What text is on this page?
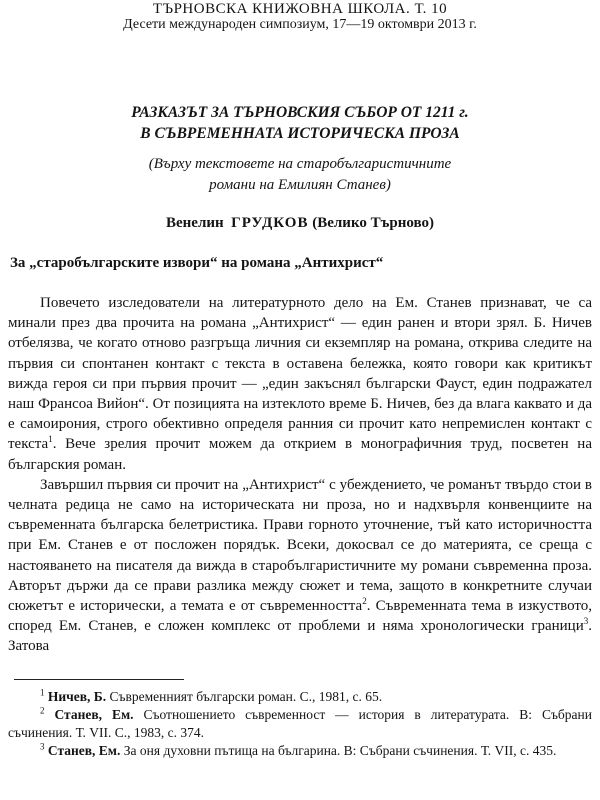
ТЪРНОВСКА КНИЖОВНА ШКОЛА. Т. 10
Десети международен симпозиум, 17—19 октомври 2013 г.
РАЗКАЗЪТ ЗА ТЪРНОВСКИЯ СЪБОР ОТ 1211 г.
В СЪВРЕМЕННАТА ИСТОРИЧЕСКА ПРОЗА
(Върху текстовете на старобългаристичните
романи на Емилиян Станев)
Венелин ГРУДКОВ (Велико Търново)
За „старобългарските извори“ на романа „Антихрист“

Повечето изследователи на литературното дело на Ем. Станев признават, че са минали през два прочита на романа „Антихрист“ — един ранен и втори зрял. Б. Ничев отбелязва, че когато отново разгръща личния си екземпляр на романа, открива следите на първия си спонтанен контакт с текста в оставена бележка, която говори как критикът вижда героя си при първия прочит — „един закъснял български Фауст, един подражател наш Франсоа Вийон“. От позицията на изтеклото време Б. Ничев, без да влага каквато и да е самоирония, строго обективно определя ранния си прочит като непремислен контакт с текста$^1$. Вече зрелия прочит можем да открием в монографичния труд, посветен на българския роман.

Завършил първия си прочит на „Антихрист“ с убеждението, че романът твърдо стои в челната редица не само на историческата ни проза, но и надхвърля конвенциите на съвременната българска белетристика. Прави горното уточнение, тъй като историчността при Ем. Станев е от посложен порядък. Всеки, докосвал се до материята, се среща с настояването на писателя да вижда в старобългаристичните му романи съвременна проза. Авторът държи да се прави разлика между сюжет и тема, защото в конкретните случаи сюжетът е исторически, а темата е от съвременността$^2$. Съвременната тема в изкуството, според Ем. Станев, е сложен комплекс от проблеми и няма хронологически граници$^3$. Затова

$^1$ Ничев, Б. Съвременният български роман. С., 1981, с. 65.

$^2$ Станев, Ем. Съотношението съвременност — история в литературата. В: Събрани съчинения. Т. VII. С., 1983, с. 374.

$^3$ Станев, Ем. За оня духовни пътища на българина. В: Събрани съчинения. Т. VII, с. 435.
